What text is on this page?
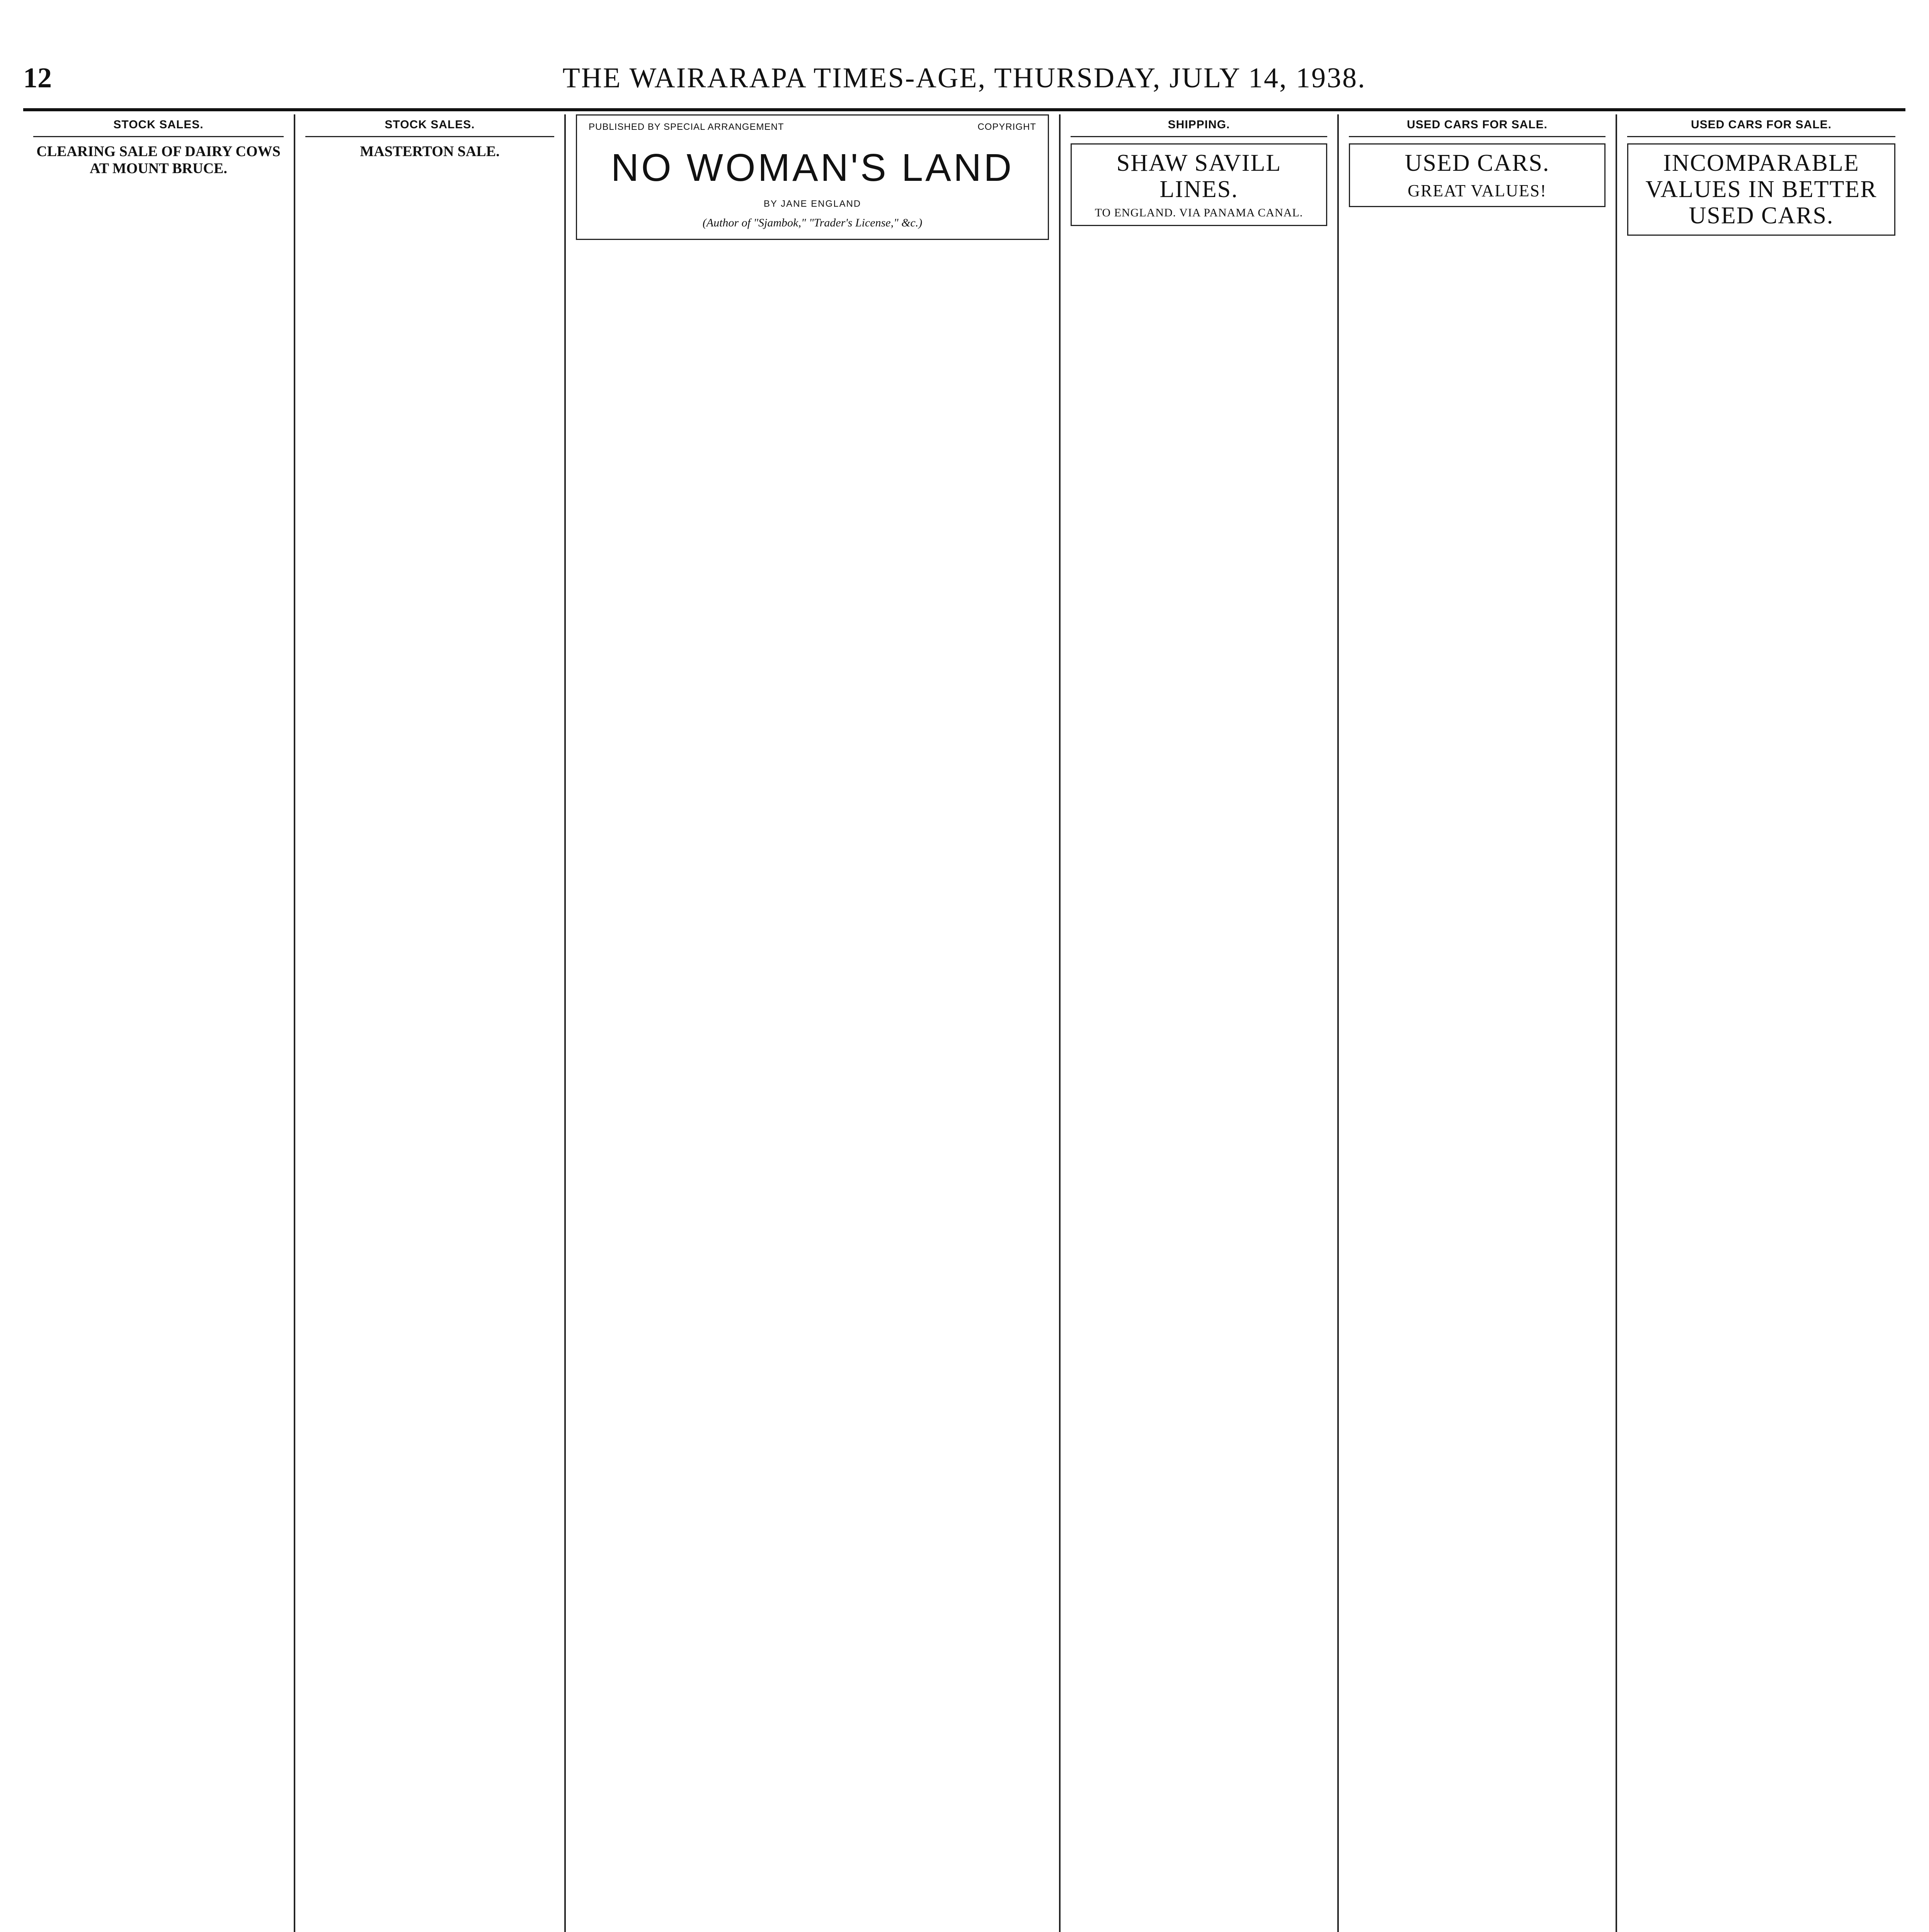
12	THE WAIRARAPA TIMES-AGE, THURSDAY, JULY 14, 1938.
STOCK SALES.
CLEARING SALE OF DAIRY COWS AT MOUNT BRUCE.
STOCK SALES.
MASTERTON SALE.
PUBLISHED BY SPECIAL ARRANGEMENT	COPYRIGHT
NO WOMAN'S LAND
BY JANE ENGLAND
(Author of "Sjambok," "Trader's License," &c.)
SHIPPING.
SHAW SAVILL LINES.
TO ENGLAND. VIA PANAMA CANAL.
USED CARS FOR SALE.
USED CARS.
GREAT VALUES!
USED CARS FOR SALE.
INCOMPARABLE VALUES IN BETTER USED CARS.
